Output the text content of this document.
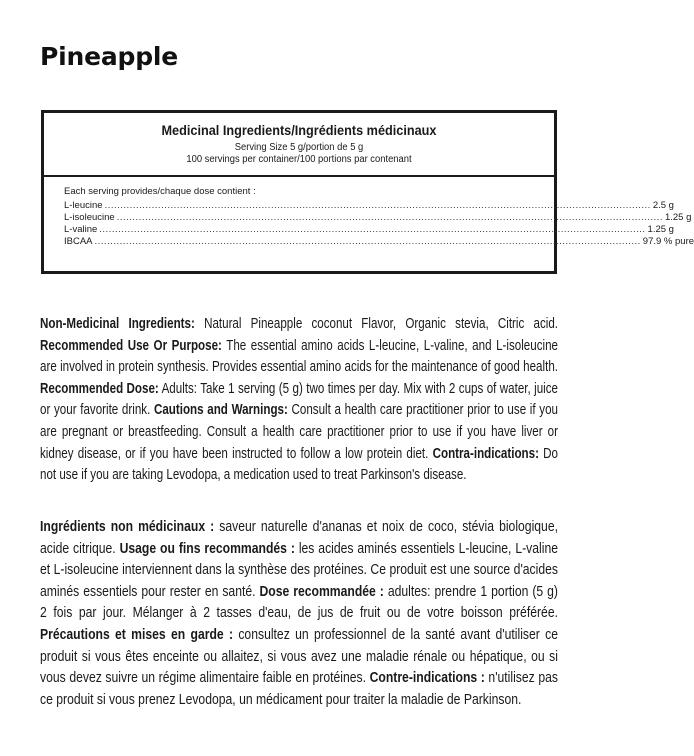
Pineapple
Medicinal Ingredients/Ingrédients médicinaux
Serving Size 5 g/portion de 5 g
100 servings per container/100 portions par contenant
Each serving provides/chaque dose contient :
L-leucine .............................................................................................................................................................................. 2.5 g
L-isoleucine .............................................................................................................................................................................. 1.25 g
L-valine .............................................................................................................................................................................. 1.25 g
IBCAA .............................................................................................................................................................................. 97.9 % pure
Non-Medicinal Ingredients: Natural Pineapple coconut Flavor, Organic stevia, Citric acid. Recommended Use Or Purpose: The essential amino acids L-leucine, L-valine, and L-isoleucine are involved in protein synthesis. Provides essential amino acids for the maintenance of good health. Recommended Dose: Adults: Take 1 serving (5 g) two times per day. Mix with 2 cups of water, juice or your favorite drink. Cautions and Warnings: Consult a health care practitioner prior to use if you are pregnant or breastfeeding. Consult a health care practitioner prior to use if you have liver or kidney disease, or if you have been instructed to follow a low protein diet. Contra-indications: Do not use if you are taking Levodopa, a medication used to treat Parkinson's disease.
Ingrédients non médicinaux : saveur naturelle d'ananas et noix de coco, stévia biologique, acide citrique. Usage ou fins recommandés : les acides aminés essentiels L-leucine, L-valine et L-isoleucine interviennent dans la synthèse des protéines. Ce produit est une source d'acides aminés essentiels pour rester en santé. Dose recommandée : adultes: prendre 1 portion (5 g) 2 fois par jour. Mélanger à 2 tasses d'eau, de jus de fruit ou de votre boisson préférée. Précautions et mises en garde : consultez un professionnel de la santé avant d'utiliser ce produit si vous êtes enceinte ou allaitez, si vous avez une maladie rénale ou hépatique, ou si vous devez suivre un régime alimentaire faible en protéines. Contre-indications : n'utilisez pas ce produit si vous prenez Levodopa, un médicament pour traiter la maladie de Parkinson.
